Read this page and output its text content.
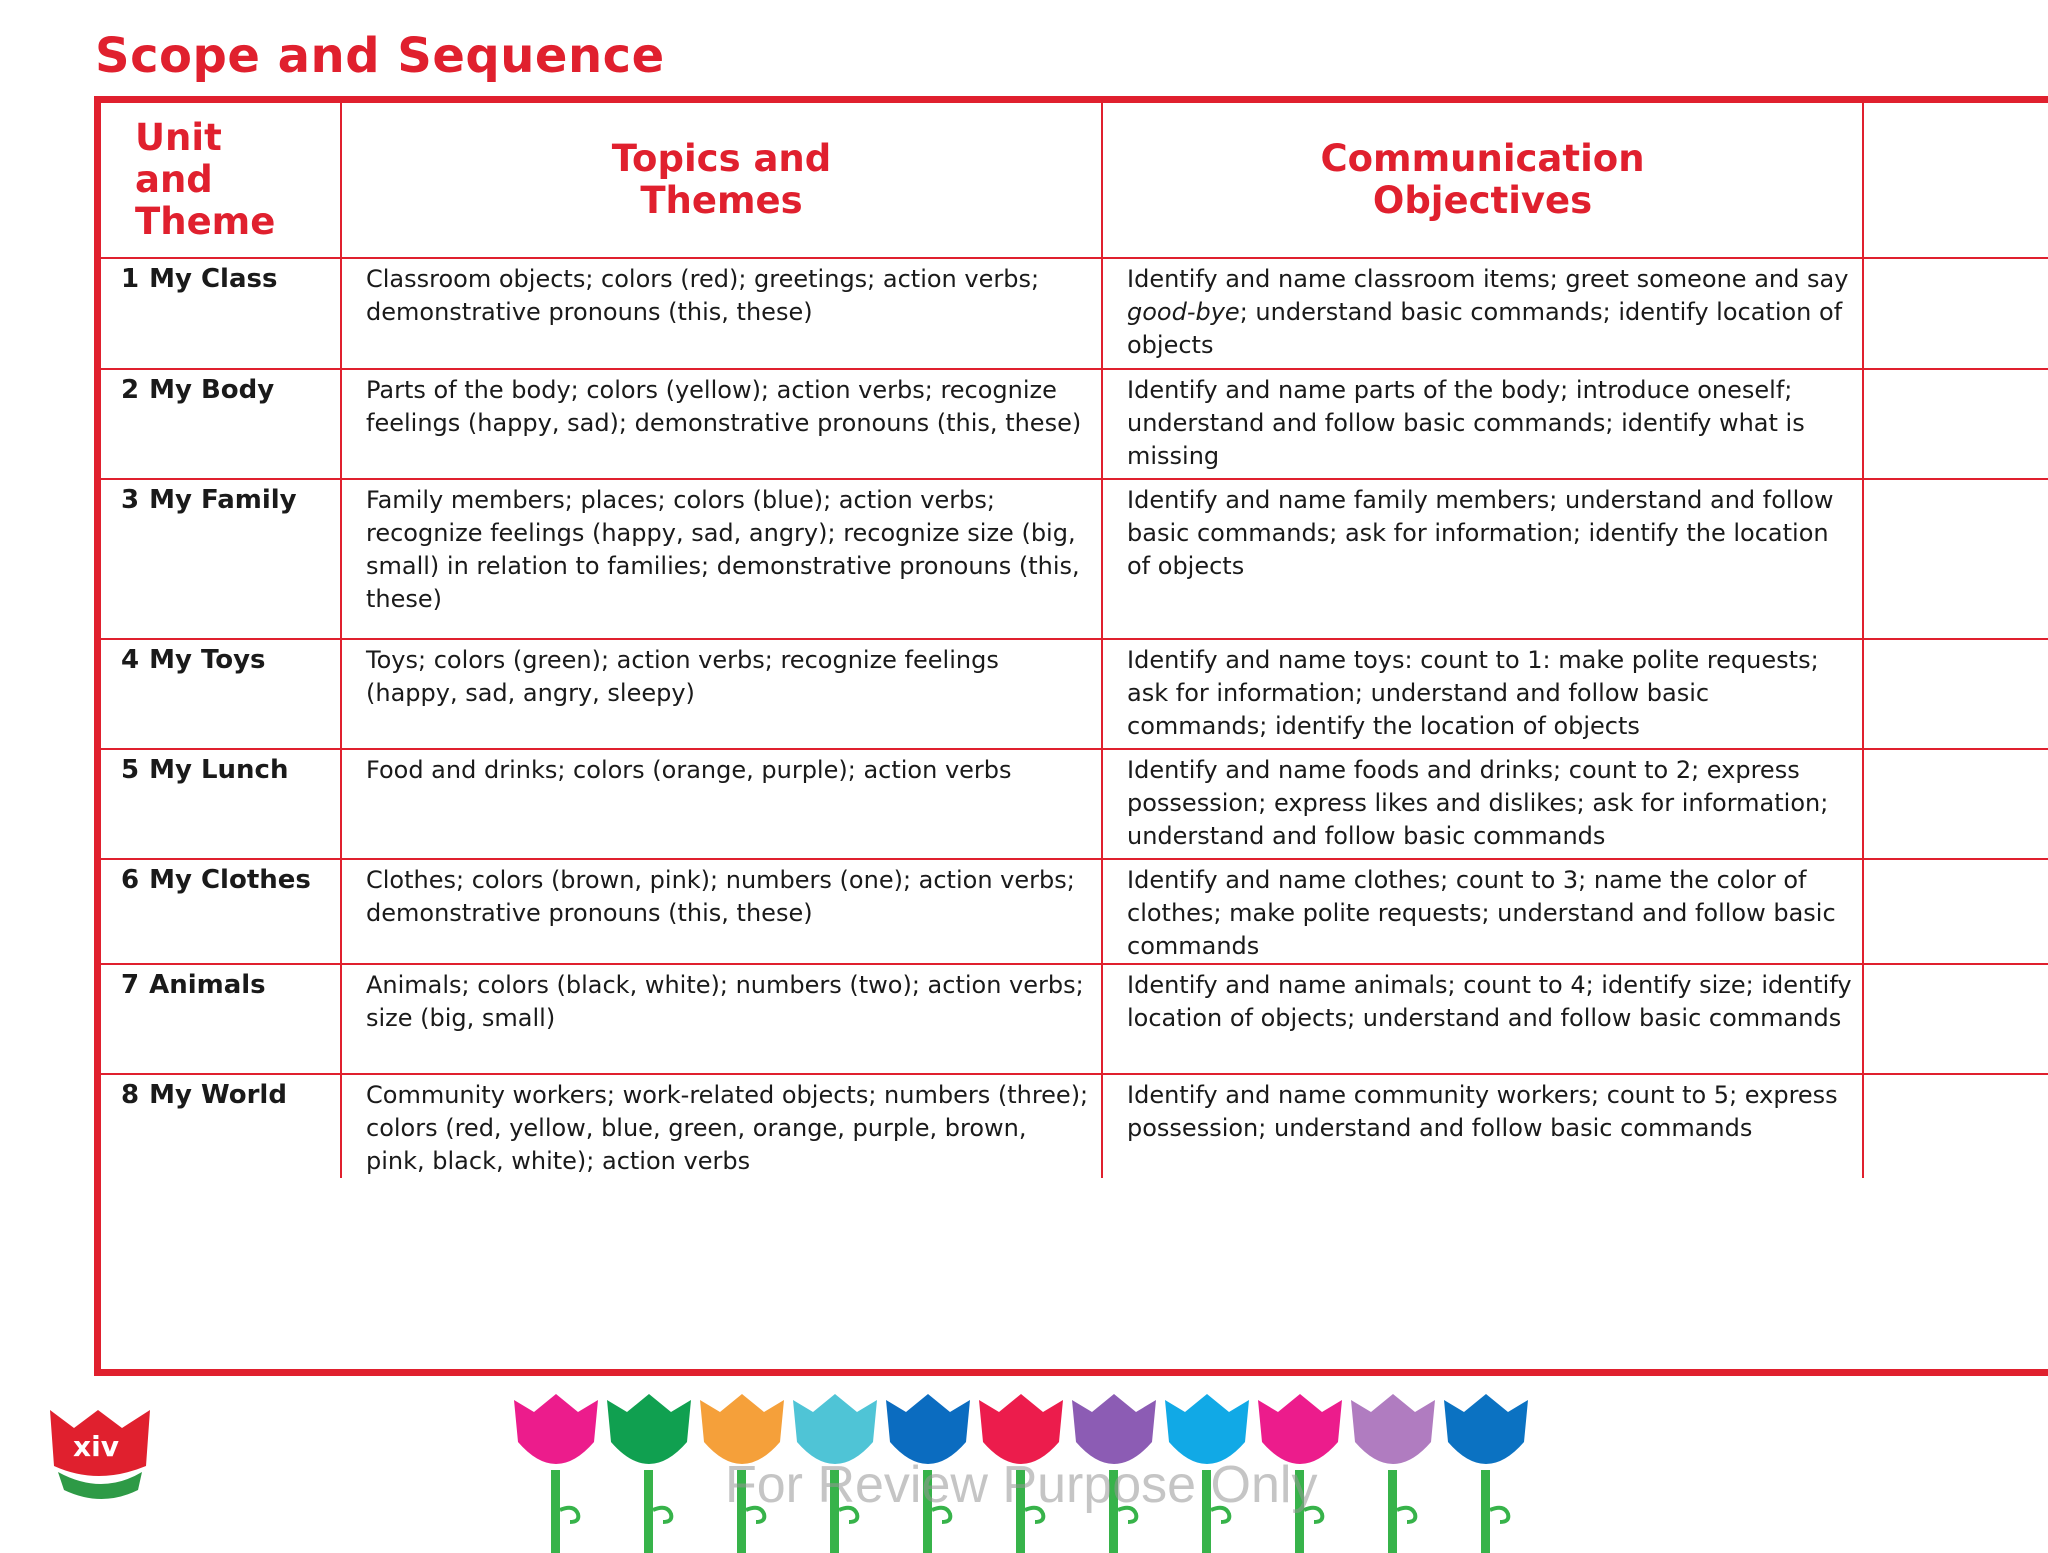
Scope and Sequence
Unit and Theme	Topics and Themes	Communication Objectives	

1 My Class	Classroom objects; colors (red); greetings; action verbs; demonstrative pronouns (this, these)	Identify and name classroom items; greet someone and say good-bye; understand basic commands; identify location of objects	
2 My Body	Parts of the body; colors (yellow); action verbs; recognize feelings (happy, sad); demonstrative pronouns (this, these)	Identify and name parts of the body; introduce oneself; understand and follow basic commands; identify what is missing	
3 My Family	Family members; places; colors (blue); action verbs; recognize feelings (happy, sad, angry); recognize size (big, small) in relation to families; demonstrative pronouns (this, these)	Identify and name family members; understand and follow basic commands; ask for information; identify the location of objects	
4 My Toys	Toys; colors (green); action verbs; recognize feelings (happy, sad, angry, sleepy)	Identify and name toys: count to 1: make polite requests; ask for information; understand and follow basic commands; identify the location of objects	
5 My Lunch	Food and drinks; colors (orange, purple); action verbs	Identify and name foods and drinks; count to 2; express possession; express likes and dislikes; ask for information; understand and follow basic commands	
6 My Clothes	Clothes; colors (brown, pink); numbers (one); action verbs; demonstrative pronouns (this, these)	Identify and name clothes; count to 3; name the color of clothes; make polite requests; understand and follow basic commands	
7 Animals	Animals; colors (black, white); numbers (two); action verbs; size (big, small)	Identify and name animals; count to 4; identify size; identify location of objects; understand and follow basic commands	
8 My World	Community workers; work-related objects; numbers (three); colors (red, yellow, blue, green, orange, purple, brown, pink, black, white); action verbs	Identify and name community workers; count to 5; express possession; understand and follow basic commands	
xiv
For Review Purpose Only
